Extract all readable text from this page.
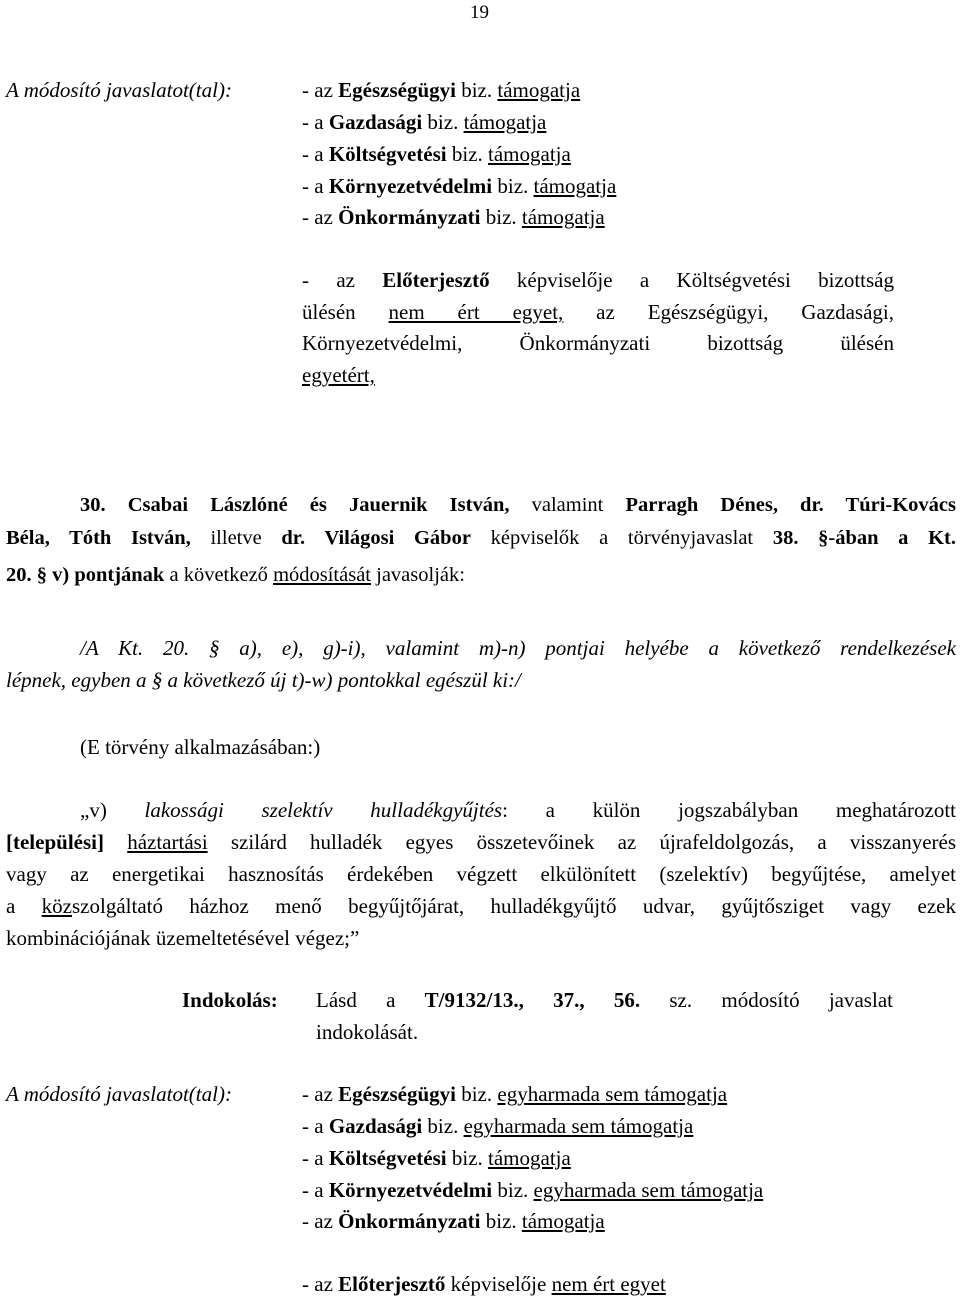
19
A módosító javaslatot(tal):	- az Egészségügyi biz. támogatja
- a Gazdasági biz. támogatja
- a Költségvetési biz. támogatja
- a Környezetvédelmi biz. támogatja
- az Önkormányzati biz. támogatja
- az Előterjesztő képviselője a Költségvetési bizottság
ülésén nem ért egyet, az Egészségügyi, Gazdasági,
Környezetvédelmi, Önkormányzati bizottság ülésén
egyetért,
30. Csabai Lászlóné és Jauernik István, valamint Parragh Dénes, dr. Túri-Kovács
Béla, Tóth István, illetve dr. Világosi Gábor képviselők a törvényjavaslat 38. §-ában a Kt.
20. § v) pontjának a következő módosítását javasolják:
/A Kt. 20. § a), e), g)-i), valamint m)-n) pontjai helyébe a következő rendelkezések
lépnek, egyben a § a következő új t)-w) pontokkal egészül ki:/
(E törvény alkalmazásában:)
„v) lakossági szelektív hulladékgyűjtés: a külön jogszabályban meghatározott
[települési] háztartási szilárd hulladék egyes összetevőinek az újrafeldolgozás, a visszanyerés
vagy az energetikai hasznosítás érdekében végzett elkülönített (szelektív) begyűjtése, amelyet
a közszolgáltató házhoz menő begyűjtőjárat, hulladékgyűjtő udvar, gyűjtősziget vagy ezek
kombinációjának üzemeltetésével végez;”
Indokolás: Lásd a T/9132/13., 37., 56. sz. módosító javaslat
indokolását.
A módosító javaslatot(tal):	- az Egészségügyi biz. egyharmada sem támogatja
- a Gazdasági biz. egyharmada sem támogatja
- a Költségvetési biz. támogatja
- a Környezetvédelmi biz. egyharmada sem támogatja
- az Önkormányzati biz. támogatja
- az Előterjesztő képviselője nem ért egyet
